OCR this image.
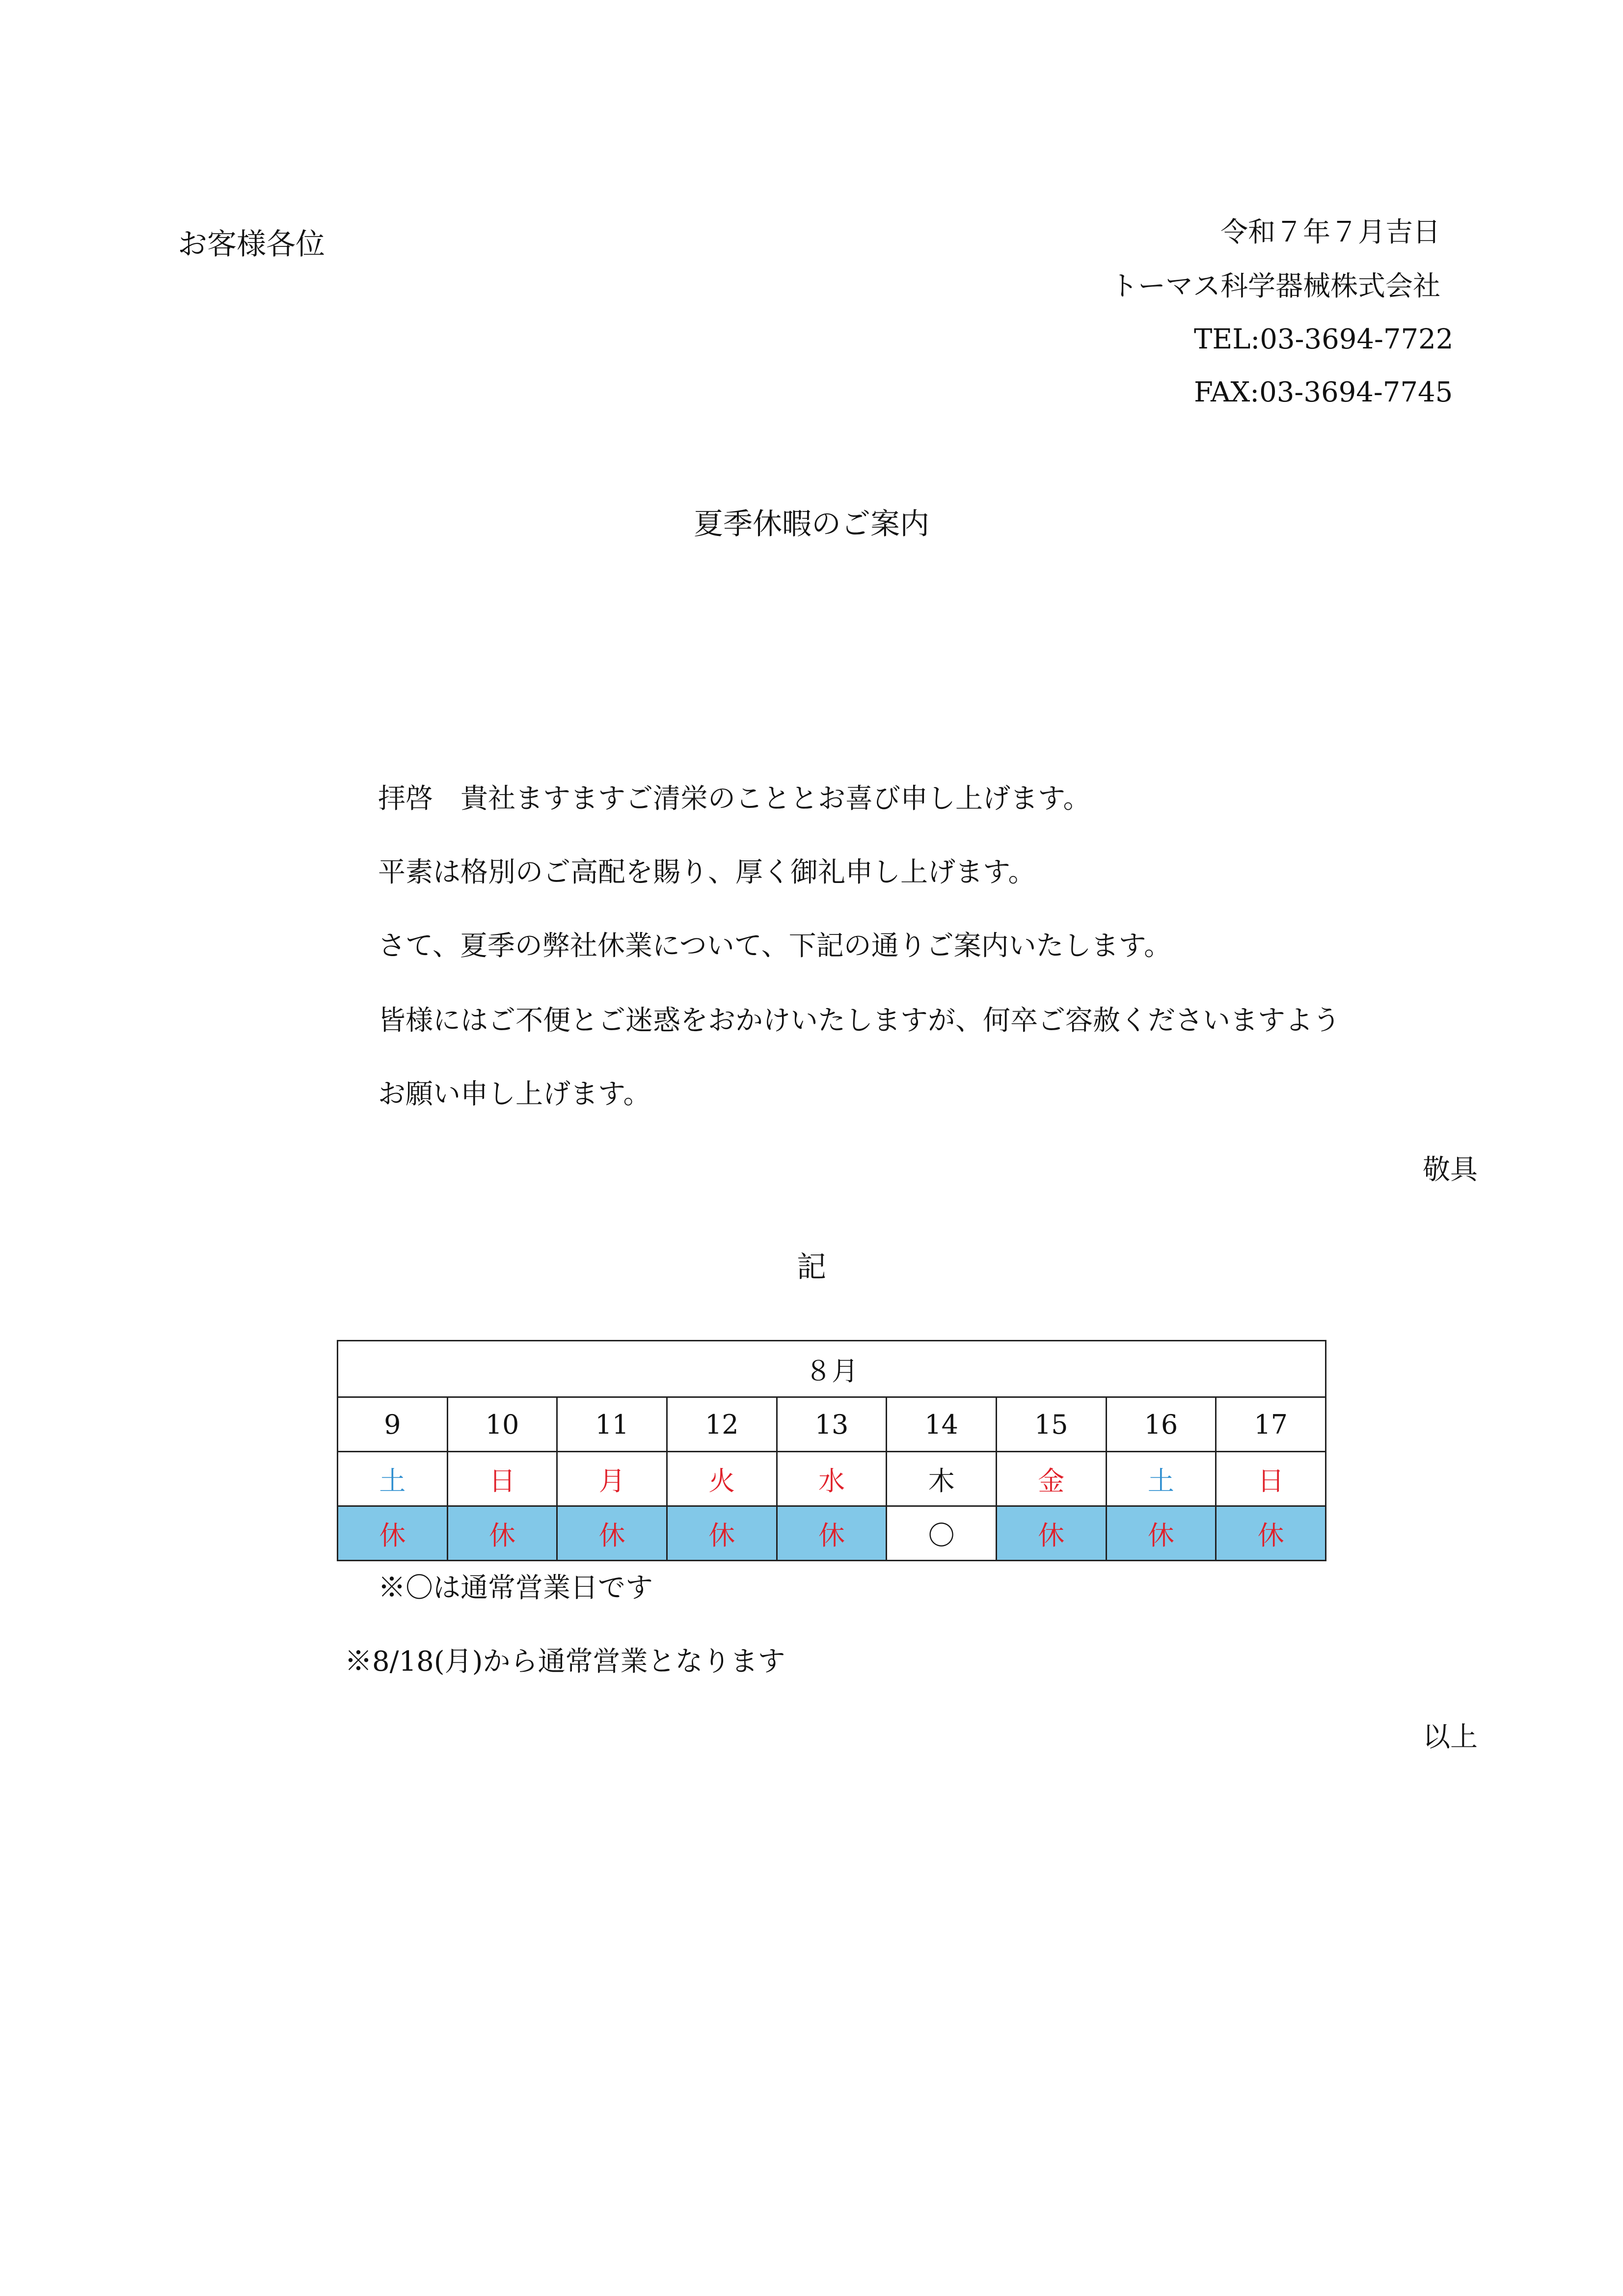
お客様各位	令和７年７月吉日
トーマス科学器械株式会社
TEL:03-3694-7722
FAX:03-3694-7745
夏季休暇のご案内
拝啓　貴社ますますご清栄のこととお喜び申し上げます。
平素は格別のご高配を賜り、厚く御礼申し上げます。
さて、夏季の弊社休業について、下記の通りご案内いたします。
皆様にはご不便とご迷惑をおかけいたしますが、何卒ご容赦くださいますよう
お願い申し上げます。
敬具
記
８月								
9	10	11	12	13	14	15	16	17
土	日	月	火	水	木	金	土	日
休	休	休	休	休	〇	休	休	休
※〇は通常営業日です
※8/18(月)から通常営業となります
以上
